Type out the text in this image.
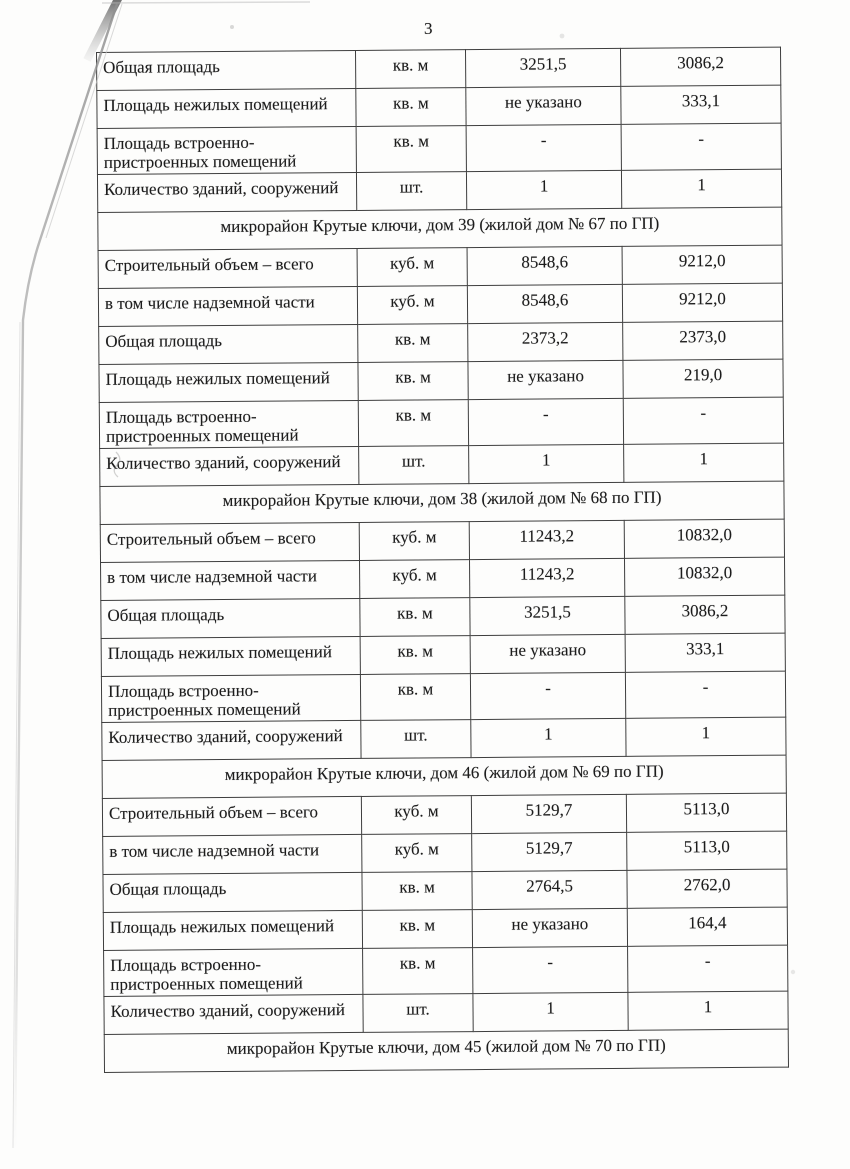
3
Общая площадь	кв. м	3251,5	3086,2
Площадь нежилых помещений	кв. м	не указано	333,1
Площадь встроенно-
пристроенных помещений	кв. м	-	-
Количество зданий, сооружений	шт.	1	1
микрорайон Крутые ключи, дом 39 (жилой дом № 67 по ГП)			
Строительный объем – всего	куб. м	8548,6	9212,0
в том числе надземной части	куб. м	8548,6	9212,0
Общая площадь	кв. м	2373,2	2373,0
Площадь нежилых помещений	кв. м	не указано	219,0
Площадь встроенно-
пристроенных помещений	кв. м	-	-
Количество зданий, сооружений	шт.	1	1
микрорайон Крутые ключи, дом 38 (жилой дом № 68 по ГП)			
Строительный объем – всего	куб. м	11243,2	10832,0
в том числе надземной части	куб. м	11243,2	10832,0
Общая площадь	кв. м	3251,5	3086,2
Площадь нежилых помещений	кв. м	не указано	333,1
Площадь встроенно-
пристроенных помещений	кв. м	-	-
Количество зданий, сооружений	шт.	1	1
микрорайон Крутые ключи, дом 46 (жилой дом № 69 по ГП)			
Строительный объем – всего	куб. м	5129,7	5113,0
в том числе надземной части	куб. м	5129,7	5113,0
Общая площадь	кв. м	2764,5	2762,0
Площадь нежилых помещений	кв. м	не указано	164,4
Площадь встроенно-
пристроенных помещений	кв. м	-	-
Количество зданий, сооружений	шт.	1	1
микрорайон Крутые ключи, дом 45 (жилой дом № 70 по ГП)			
